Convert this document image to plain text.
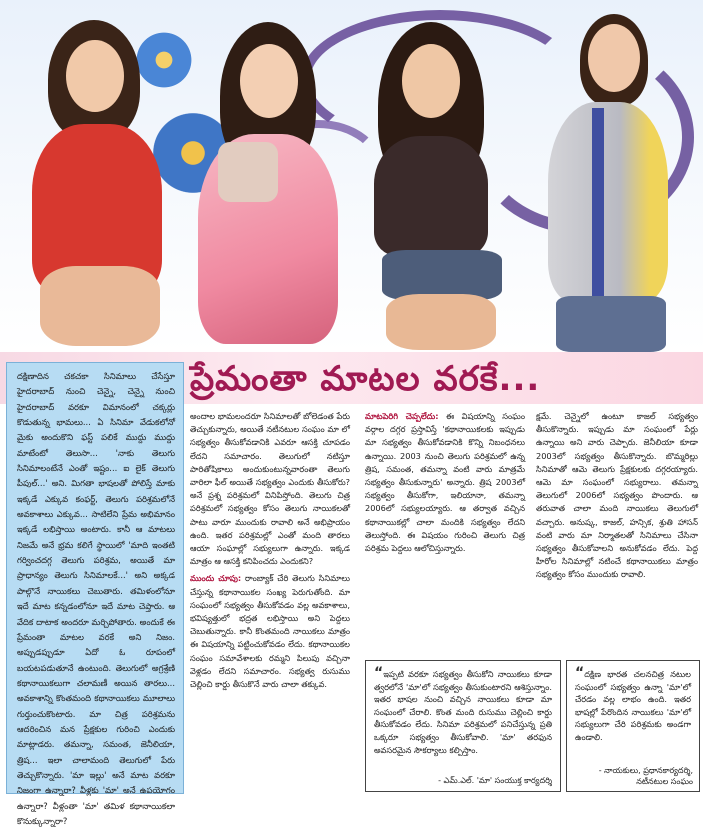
ప్రేమంతా మాటల వరకే...
దక్షిణాదిన చకచకా సినిమాలు చేసేస్తూ హైదరాబాద్ నుంచి చెన్నై, చెన్నై నుంచి హైదరాబాద్ వరకూ విమానంలో చక్కర్లు కొడుతున్న భామలు... ఏ సినిమా వేడుకలోనో మైకు అందుకొని ఫస్ట్ పలికే ముద్దు ముద్దు మాటేంటో తెలుసా... 'నాకు తెలుగు సినిమాలంటేనే ఎంతో ఇష్టం... ఐ లైక్ తెలుగు పీపుల్...' అని. మిగతా భాషలతో పోలిస్తే మాకు ఇక్కడే ఎక్కువ కంఫర్ట్, తెలుగు పరిశ్రమలోనే అవకాశాలు ఎక్కువ... సాటిలేని ప్రేమ అభిమానం ఇక్కడే లభిస్తాయి అంటారు. కానీ ఆ మాటలు నిజమే అనే భ్రమ కలిగే స్థాయిలో 'మాది ఇంతటి గర్వించదగ్గ తెలుగు పరిశ్రమ, అయితే మా ప్రాధాన్యం తెలుగు సినిమాలకే...' అని అక్కడ పాల్గొనే నాయికలు చెబుతారు. తమిళంలోనూ ఇదే మాట కన్నడంలోనూ ఇదే మాట చెప్తారు. ఆ వేదిక దాటాక అందరూ మర్చిపోతారు. అందుకే ఈ ప్రేమంతా మాటల వరకే అని నిజం. అప్పుడప్పుడూ ఏదో ఓ రూపంలో బయటపడుతూనే ఉంటుంది. తెలుగులో అగ్రశ్రేణి కథానాయికలుగా చలామణీ అయిన తారలు... అవకాశాన్ని కొంతమంది కథానాయికలు మూలాలు గుర్తుంచుకొంటారు. మా చిత్ర పరిశ్రమను ఆదరించిన మన ప్రేక్షకుల గురించి ఎందుకు మాట్లాడరు. తమన్నా, సమంత, జెనీలియా, త్రిష... ఇలా చాలామంది తెలుగులో పేరు తెచ్చుకొన్నారు. 'మా ఇల్లు' అనే మాట వరకూ నిజంగా ఉన్నారా? వీళ్లకు 'మా' అనే ఉపయోగం ఉన్నారా? వీళ్లంతా 'మా' తమిళ కథానాయికలా కొనుక్కున్నారా?
అందాల భామలందరూ సినిమాలతో బోలెడంత పేరు తెచ్చుకున్నారు, అయితే నటీనటుల సంఘం మా లో సభ్యత్వం తీసుకోవడానికి ఎవరూ ఆసక్తి చూపడం లేదని సమాచారం. తెలుగులో నటిస్తూ పారితోషికాలు అందుకుంటున్నవారంతా తెలుగు వారిలా ఫీల్ అయితే సభ్యత్వం ఎందుకు తీసుకోరు? అనే ప్రశ్న పరిశ్రమలో వినిపిస్తోంది. తెలుగు చిత్ర పరిశ్రమలో సభ్యత్వం కోసం తెలుగు నాయికలతో పాటు వారూ ముందుకు రావాలి అనే అభిప్రాయం ఉంది. ఇతర పరిశ్రమల్లో ఎంతో మంది తారలు ఆయా సంఘాల్లో సభ్యులుగా ఉన్నారు. ఇక్కడ మాత్రం ఆ ఆసక్తి కనిపించదు ఎందుకని?
ముందు చూపు: రాంబ్యాక్ చేరి తెలుగు సినిమాలు చేస్తున్న కథానాయికల సంఖ్య పెరుగుతోంది. మా సంఘంలో సభ్యత్వం తీసుకోవడం వల్ల అవకాశాలు, భవిష్యత్తులో భద్రత లభిస్తాయి అని పెద్దలు చెబుతున్నారు. కానీ కొంతమంది నాయికలు మాత్రం ఈ విషయాన్ని పట్టించుకోవడం లేదు. కథానాయికల సంఘం సమావేశాలకు రమ్మని పిలుపు వచ్చినా వెళ్లడం లేదని సమాచారం. సభ్యత్వ రుసుము చెల్లించి కార్డు తీసుకొనే వారు చాలా తక్కువ.
మాటపెరిగి చెప్పలేదు: ఈ విషయాన్ని సంఘం వర్గాల దగ్గర ప్రస్తావిస్తే 'కథానాయికలకు ఇప్పుడు మా సభ్యత్వం తీసుకోవడానికి కొన్ని నిబంధనలు ఉన్నాయి. 2003 నుంచి తెలుగు పరిశ్రమలో ఉన్న త్రిష, సమంత, తమన్నా వంటి వారు మాత్రమే సభ్యత్వం తీసుకున్నారు' అన్నారు. త్రిష 2003లో సభ్యత్వం తీసుకోగా, ఇలియానా, తమన్నా 2006లో సభ్యులయ్యారు. ఆ తర్వాత వచ్చిన కథానాయికల్లో చాలా మందికి సభ్యత్వం లేదని తెలుస్తోంది. ఈ విషయం గురించి తెలుగు చిత్ర పరిశ్రమ పెద్దలు ఆలోచిస్తున్నారు.
క్షమే. చెన్నైలో ఉంటూ కాజల్ సభ్యత్వం తీసుకొన్నారు. ఇప్పుడు మా సంఘంలో పేర్లు ఉన్నాయి అని వారు చెప్పారు. జెనీలియా కూడా 2003లో సభ్యత్వం తీసుకొన్నారు. బొమ్మరిల్లు సినిమాతో ఆమె తెలుగు ప్రేక్షకులకు దగ్గరయ్యారు. ఆమె మా సంఘంలో సభ్యురాలు. తమన్నా తెలుగులో 2006లో సభ్యత్వం పొందారు. ఆ తరువాత చాలా మంది నాయికలు తెలుగులో వచ్చారు. అనుష్క, కాజల్, హన్సిక, శ్రుతి హాసన్ వంటి వారు మా నిర్మాతలతో సినిమాలు చేసినా సభ్యత్వం తీసుకోవాలని అనుకోవడం లేదు. పెద్ద హీరోల సినిమాల్లో నటించే కథానాయికలు మాత్రం సభ్యత్వం కోసం ముందుకు రావాలి.
“ఇప్పటి వరకూ సభ్యత్వం తీసుకోని నాయికలు కూడా త్వరలోనే 'మా'లో సభ్యత్వం తీసుకుంటారని ఆశిస్తున్నాం. ఇతర భాషల నుంచి వచ్చిన నాయికలు కూడా మా సంఘంలో చేరాలి. కొంత మంది రుసుము చెల్లించి కార్డు తీసుకోవడం లేదు. సినిమా పరిశ్రమలో పనిచేస్తున్న ప్రతి ఒక్కరూ సభ్యత్వం తీసుకోవాలి. 'మా' తరఫున అవసరమైన సౌకర్యాలు కల్పిస్తాం.
- ఎమ్.ఎల్. 'మా' సంయుక్త కార్యదర్శి
“దక్షిణ భారత చలనచిత్ర నటుల సంఘంలో సభ్యత్వం ఉన్నా 'మా'లో చేరడం వల్ల లాభం ఉంది. ఇతర భాషల్లో పేరొందిన నాయికలు 'మా'లో సభ్యులుగా చేరి పరిశ్రమకు అండగా ఉండాలి.
- నాయకులు, ప్రధానకార్యదర్శి, నటీనటుల సంఘం
